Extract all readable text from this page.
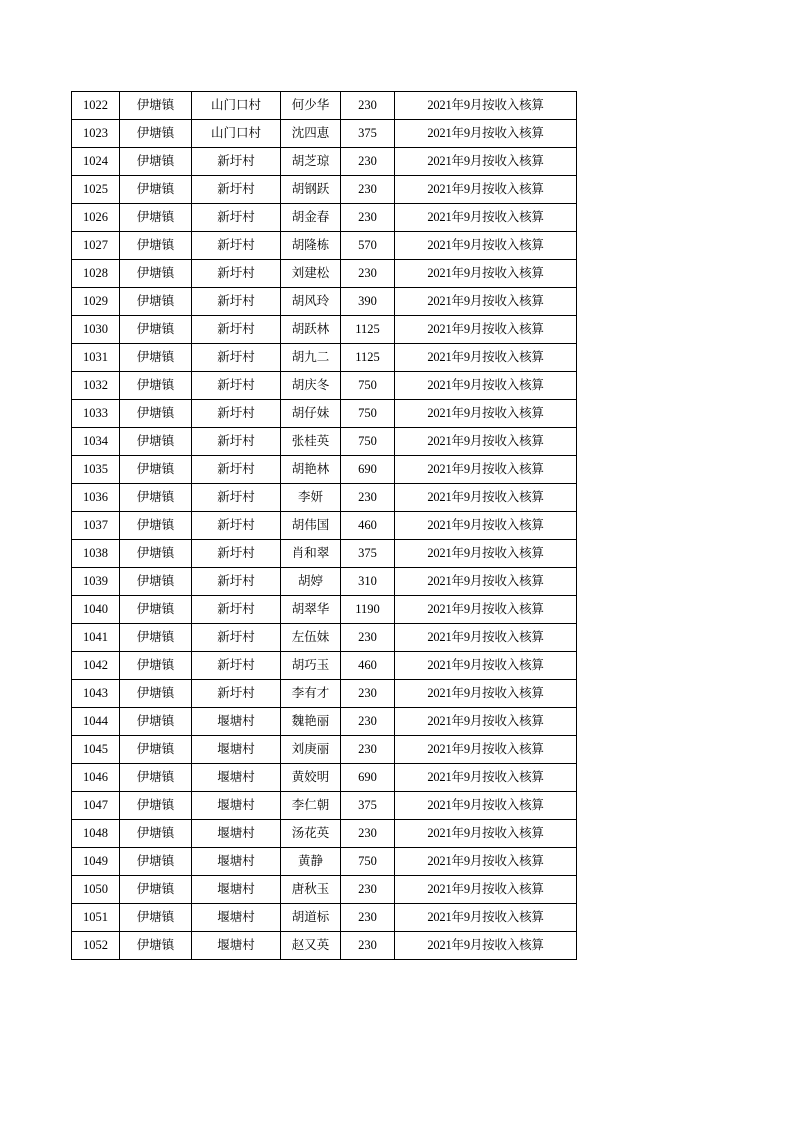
1022	伊塘镇	山门口村	何少华	230	2021年9月按收入核算
1023	伊塘镇	山门口村	沈四恵	375	2021年9月按收入核算
1024	伊塘镇	新圩村	胡芝琼	230	2021年9月按收入核算
1025	伊塘镇	新圩村	胡钢跃	230	2021年9月按收入核算
1026	伊塘镇	新圩村	胡金春	230	2021年9月按收入核算
1027	伊塘镇	新圩村	胡隆栋	570	2021年9月按收入核算
1028	伊塘镇	新圩村	刘建松	230	2021年9月按收入核算
1029	伊塘镇	新圩村	胡风玲	390	2021年9月按收入核算
1030	伊塘镇	新圩村	胡跃林	1125	2021年9月按收入核算
1031	伊塘镇	新圩村	胡九二	1125	2021年9月按收入核算
1032	伊塘镇	新圩村	胡庆冬	750	2021年9月按收入核算
1033	伊塘镇	新圩村	胡仔妹	750	2021年9月按收入核算
1034	伊塘镇	新圩村	张桂英	750	2021年9月按收入核算
1035	伊塘镇	新圩村	胡艳林	690	2021年9月按收入核算
1036	伊塘镇	新圩村	李妍	230	2021年9月按收入核算
1037	伊塘镇	新圩村	胡伟国	460	2021年9月按收入核算
1038	伊塘镇	新圩村	肖和翠	375	2021年9月按收入核算
1039	伊塘镇	新圩村	胡婷	310	2021年9月按收入核算
1040	伊塘镇	新圩村	胡翠华	1190	2021年9月按收入核算
1041	伊塘镇	新圩村	左伍妹	230	2021年9月按收入核算
1042	伊塘镇	新圩村	胡巧玉	460	2021年9月按收入核算
1043	伊塘镇	新圩村	李有才	230	2021年9月按收入核算
1044	伊塘镇	堰塘村	魏艳丽	230	2021年9月按收入核算
1045	伊塘镇	堰塘村	刘庚丽	230	2021年9月按收入核算
1046	伊塘镇	堰塘村	黄姣明	690	2021年9月按收入核算
1047	伊塘镇	堰塘村	李仁朝	375	2021年9月按收入核算
1048	伊塘镇	堰塘村	汤花英	230	2021年9月按收入核算
1049	伊塘镇	堰塘村	黄静	750	2021年9月按收入核算
1050	伊塘镇	堰塘村	唐秋玉	230	2021年9月按收入核算
1051	伊塘镇	堰塘村	胡道标	230	2021年9月按收入核算
1052	伊塘镇	堰塘村	赵又英	230	2021年9月按收入核算
